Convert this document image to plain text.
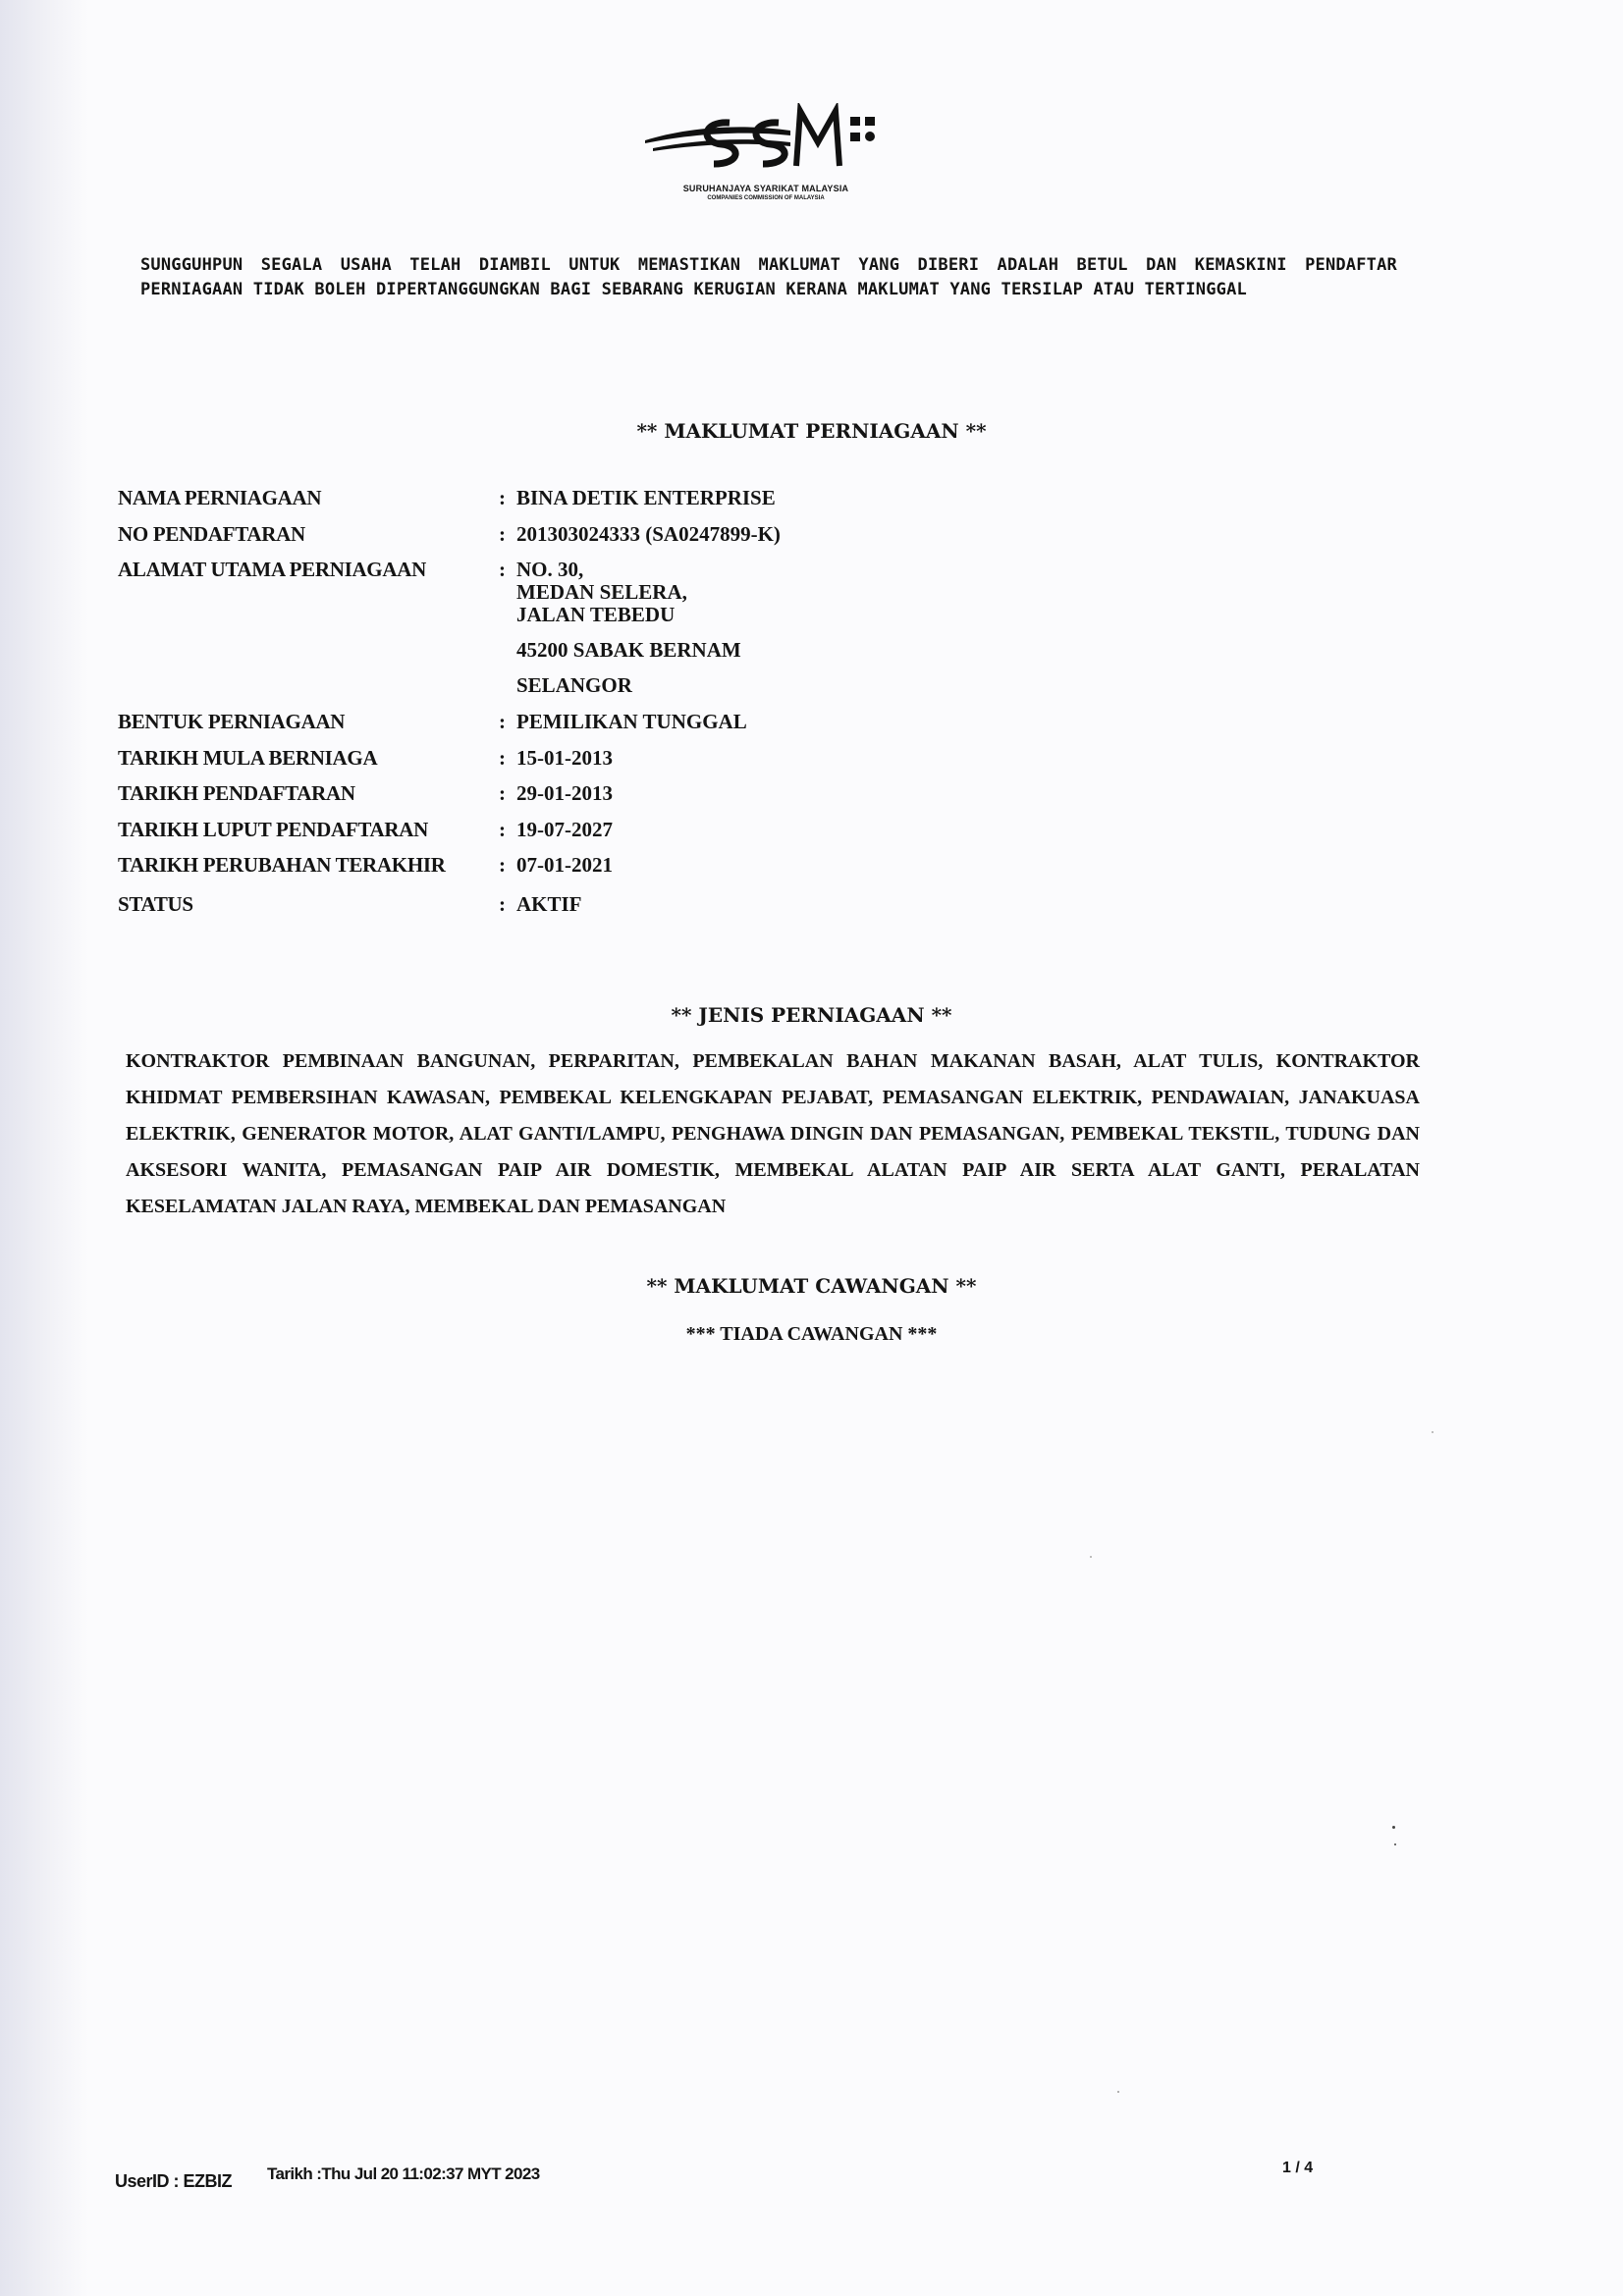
SURUHANJAYA SYARIKAT MALAYSIA
COMPANIES COMMISSION OF MALAYSIA
SUNGGUHPUN SEGALA USAHA TELAH DIAMBIL UNTUK MEMASTIKAN MAKLUMAT YANG DIBERI ADALAH BETUL DAN KEMASKINI PENDAFTAR PERNIAGAAN TIDAK BOLEH DIPERTANGGUNGKAN BAGI SEBARANG KERUGIAN KERANA MAKLUMAT YANG TERSILAP ATAU TERTINGGAL
** MAKLUMAT PERNIAGAAN **
NAMA PERNIAGAAN	: BINA DETIK ENTERPRISE
NO PENDAFTARAN	: 201303024333 (SA0247899-K)
ALAMAT UTAMA PERNIAGAAN	: NO. 30,
MEDAN SELERA,
JALAN TEBEDU
45200 SABAK BERNAM
SELANGOR
BENTUK PERNIAGAAN	: PEMILIKAN TUNGGAL
TARIKH MULA BERNIAGA	: 15-01-2013
TARIKH PENDAFTARAN	: 29-01-2013
TARIKH LUPUT PENDAFTARAN	: 19-07-2027
TARIKH PERUBAHAN TERAKHIR	: 07-01-2021
STATUS	: AKTIF
** JENIS PERNIAGAAN **
KONTRAKTOR PEMBINAAN BANGUNAN, PERPARITAN, PEMBEKALAN BAHAN MAKANAN BASAH, ALAT TULIS, KONTRAKTOR KHIDMAT PEMBERSIHAN KAWASAN, PEMBEKAL KELENGKAPAN PEJABAT, PEMASANGAN ELEKTRIK, PENDAWAIAN, JANAKUASA ELEKTRIK, GENERATOR MOTOR, ALAT GANTI/LAMPU, PENGHAWA DINGIN DAN PEMASANGAN, PEMBEKAL TEKSTIL, TUDUNG DAN AKSESORI WANITA, PEMASANGAN PAIP AIR DOMESTIK, MEMBEKAL ALATAN PAIP AIR SERTA ALAT GANTI, PERALATAN KESELAMATAN JALAN RAYA, MEMBEKAL DAN PEMASANGAN
** MAKLUMAT CAWANGAN **
*** TIADA CAWANGAN ***
UserID : EZBIZ Tarikh :Thu Jul 20 11:02:37 MYT 2023	1 / 4
